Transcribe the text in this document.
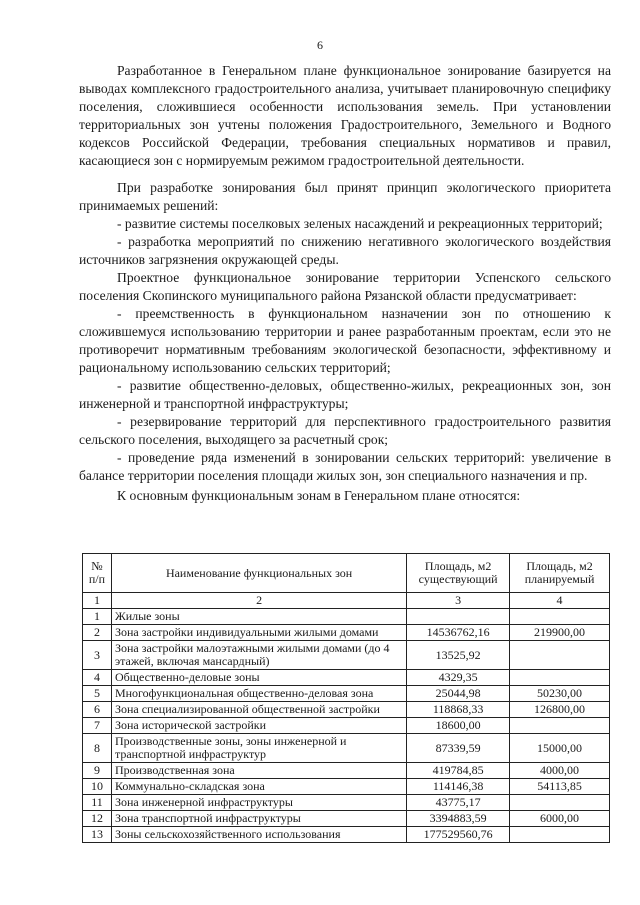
6

Разработанное в Генеральном плане функциональное зонирование базируется на выводах комплексного градостроительного анализа, учитывает планировочную специфику поселения, сложившиеся особенности использования земель. При установлении территориальных зон учтены положения Градостроительного, Земельного и Водного кодексов Российской Федерации, требования специальных нормативов и правил, касающиеся зон с нормируемым режимом градостроительной деятельности.

При разработке зонирования был принят принцип экологического приоритета принимаемых решений:

- развитие системы поселковых зеленых насаждений и рекреационных территорий;

- разработка мероприятий по снижению негативного экологического воздействия источников загрязнения окружающей среды.

Проектное функциональное зонирование территории Успенского сельского поселения Скопинского муниципального района Рязанской области предусматривает:

- преемственность в функциональном назначении зон по отношению к сложившемуся использованию территории и ранее разработанным проектам, если это не противоречит нормативным требованиям экологической безопасности, эффективному и рациональному использованию сельских территорий;

- развитие общественно-деловых, общественно-жилых, рекреационных зон, зон инженерной и транспортной инфраструктуры;

- резервирование территорий для перспективного градостроительного развития сельского поселения, выходящего за расчетный срок;

- проведение ряда изменений в зонировании сельских территорий: увеличение в балансе территории поселения площади жилых зон, зон специального назначения и пр.

К основным функциональным зонам в Генеральном плане относятся:

№ п/п	Наименование функциональных зон	Площадь, м2 существующий	Площадь, м2 планируемый
1	2	3	4
1	Жилые зоны		
2	Зона застройки индивидуальными жилыми домами	14536762,16	219900,00
3	Зона застройки малоэтажными жилыми домами (до 4 этажей, включая мансардный)	13525,92	
4	Общественно-деловые зоны	4329,35	
5	Многофункциональная общественно-деловая зона	25044,98	50230,00
6	Зона специализированной общественной застройки	118868,33	126800,00
7	Зона исторической застройки	18600,00	
8	Производственные зоны, зоны инженерной и транспортной инфраструктур	87339,59	15000,00
9	Производственная зона	419784,85	4000,00
10	Коммунально-складская зона	114146,38	54113,85
11	Зона инженерной инфраструктуры	43775,17	
12	Зона транспортной инфраструктуры	3394883,59	6000,00
13	Зоны сельскохозяйственного использования	177529560,76	
